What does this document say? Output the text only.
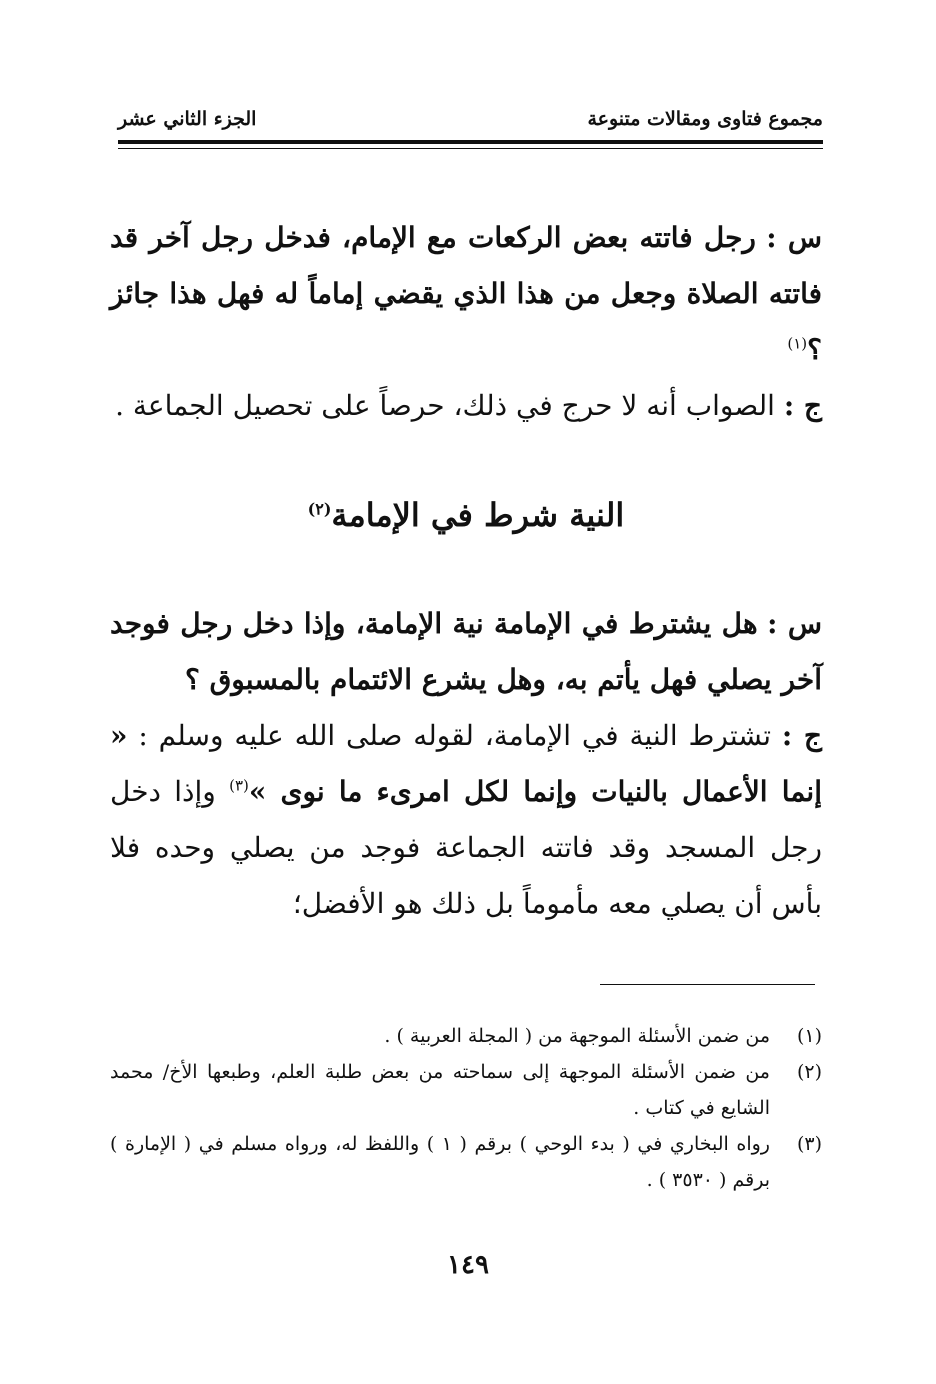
مجموع فتاوى ومقالات متنوعة
الجزء الثاني عشر

س : رجل فاتته بعض الركعات مع الإمام، فدخل رجل آخر قد فاتته الصلاة وجعل من هذا الذي يقضي إماماً له فهل هذا جائز ؟$^{(١)}$

ج : الصواب أنه لا حرج في ذلك، حرصاً على تحصيل الجماعة .

النية شرط في الإمامة$^{(٢)}$

س : هل يشترط في الإمامة نية الإمامة، وإذا دخل رجل فوجد آخر يصلي فهل يأتم به، وهل يشرع الائتمام بالمسبوق ؟

ج : تشترط النية في الإمامة، لقوله صلى الله عليه وسلم : « إنما الأعمال بالنيات وإنما لكل امرىء ما نوى »$^{(٣)}$ وإذا دخل رجل المسجد وقد فاتته الجماعة فوجد من يصلي وحده فلا بأس أن يصلي معه مأموماً بل ذلك هو الأفضل؛

(١)
من ضمن الأسئلة الموجهة من ( المجلة العربية ) .

(٢)
من ضمن الأسئلة الموجهة إلى سماحته من بعض طلبة العلم، وطبعها الأخ/ محمد الشايع في كتاب .

(٣)
رواه البخاري في ( بدء الوحي ) برقم ( ١ ) واللفظ له، ورواه مسلم في ( الإمارة ) برقم ( ٣٥٣٠ ) .

١٤٩
